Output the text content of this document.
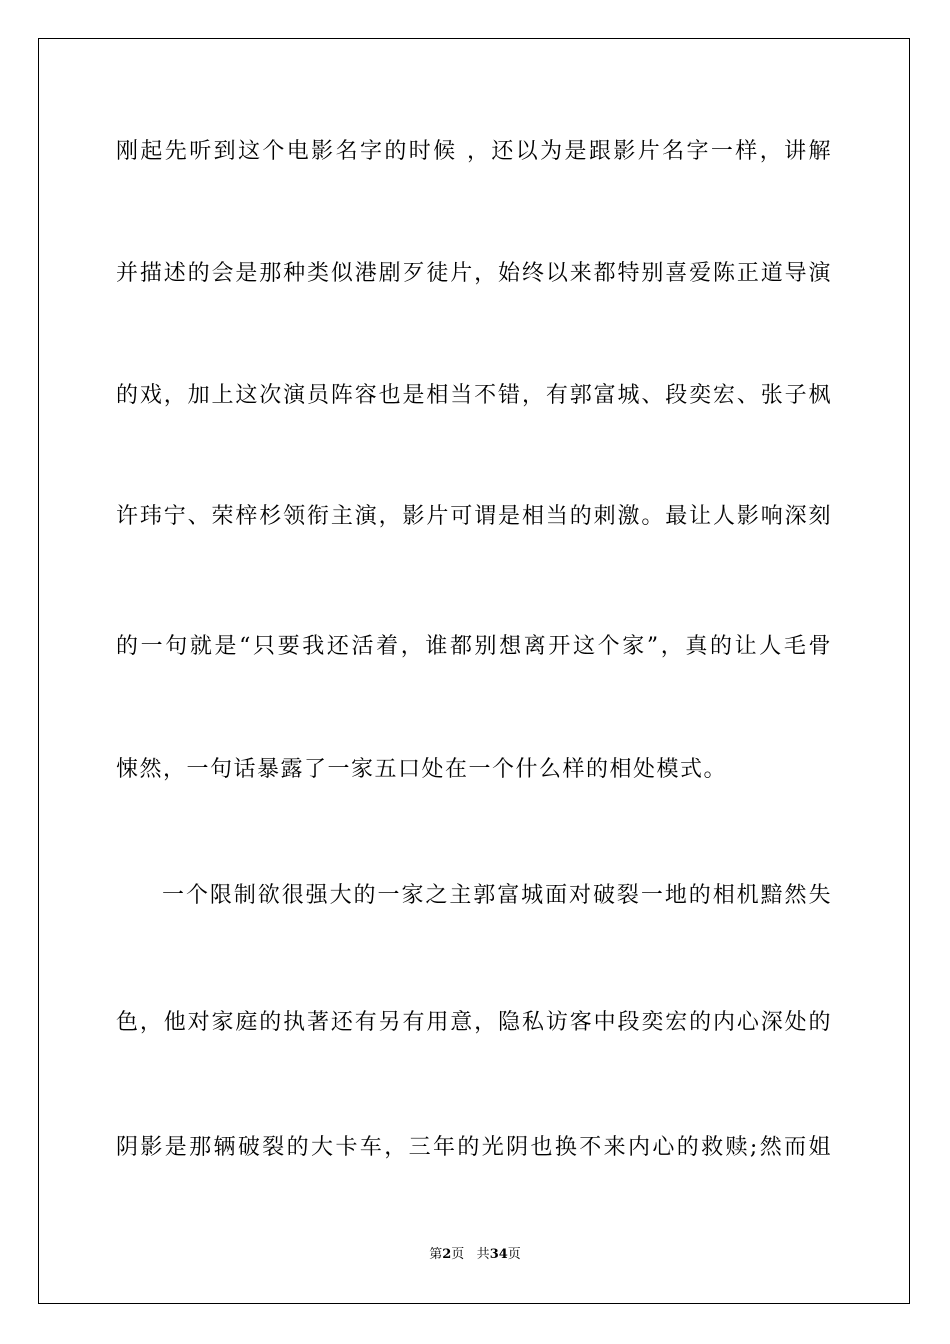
刚起先听到这个电影名字的时候 ，还以为是跟影片名字一样，讲解
并描述的会是那种类似港剧歹徒片，始终以来都特别喜爱陈正道导演
的戏，加上这次演员阵容也是相当不错，有郭富城、段奕宏、张子枫
许玮宁、荣梓杉领衔主演，影片可谓是相当的刺激。最让人影响深刻
的一句就是“只要我还活着，谁都别想离开这个家”，真的让人毛骨
悚然，一句话暴露了一家五口处在一个什么样的相处模式。
一个限制欲很强大的一家之主郭富城面对破裂一地的相机黯然失
色，他对家庭的执著还有另有用意，隐私访客中段奕宏的内心深处的
阴影是那辆破裂的大卡车，三年的光阴也换不来内心的救赎;然而姐
第2页 共34页
